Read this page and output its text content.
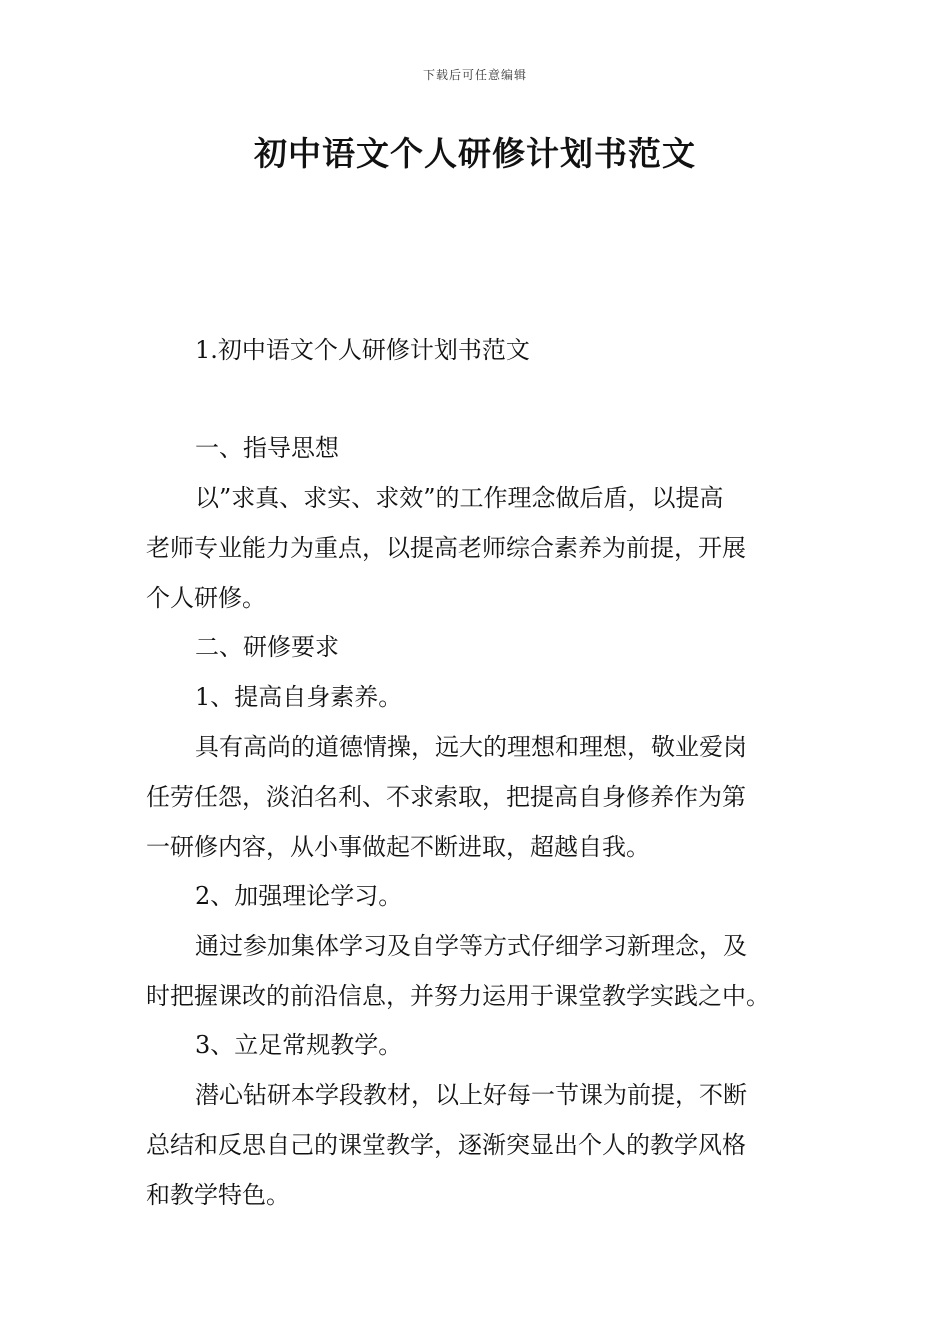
下载后可任意编辑
初中语文个人研修计划书范文
1.初中语文个人研修计划书范文
一、指导思想
以”求真、求实、求效”的工作理念做后盾，以提高
老师专业能力为重点，以提高老师综合素养为前提，开展
个人研修。
二、研修要求
1、提高自身素养。
具有高尚的道德情操，远大的理想和理想，敬业爱岗
任劳任怨，淡泊名利、不求索取，把提高自身修养作为第
一研修内容，从小事做起不断进取，超越自我。
2、加强理论学习。
通过参加集体学习及自学等方式仔细学习新理念，及
时把握课改的前沿信息，并努力运用于课堂教学实践之中。
3、立足常规教学。
潜心钻研本学段教材，以上好每一节课为前提，不断
总结和反思自己的课堂教学，逐渐突显出个人的教学风格
和教学特色。
